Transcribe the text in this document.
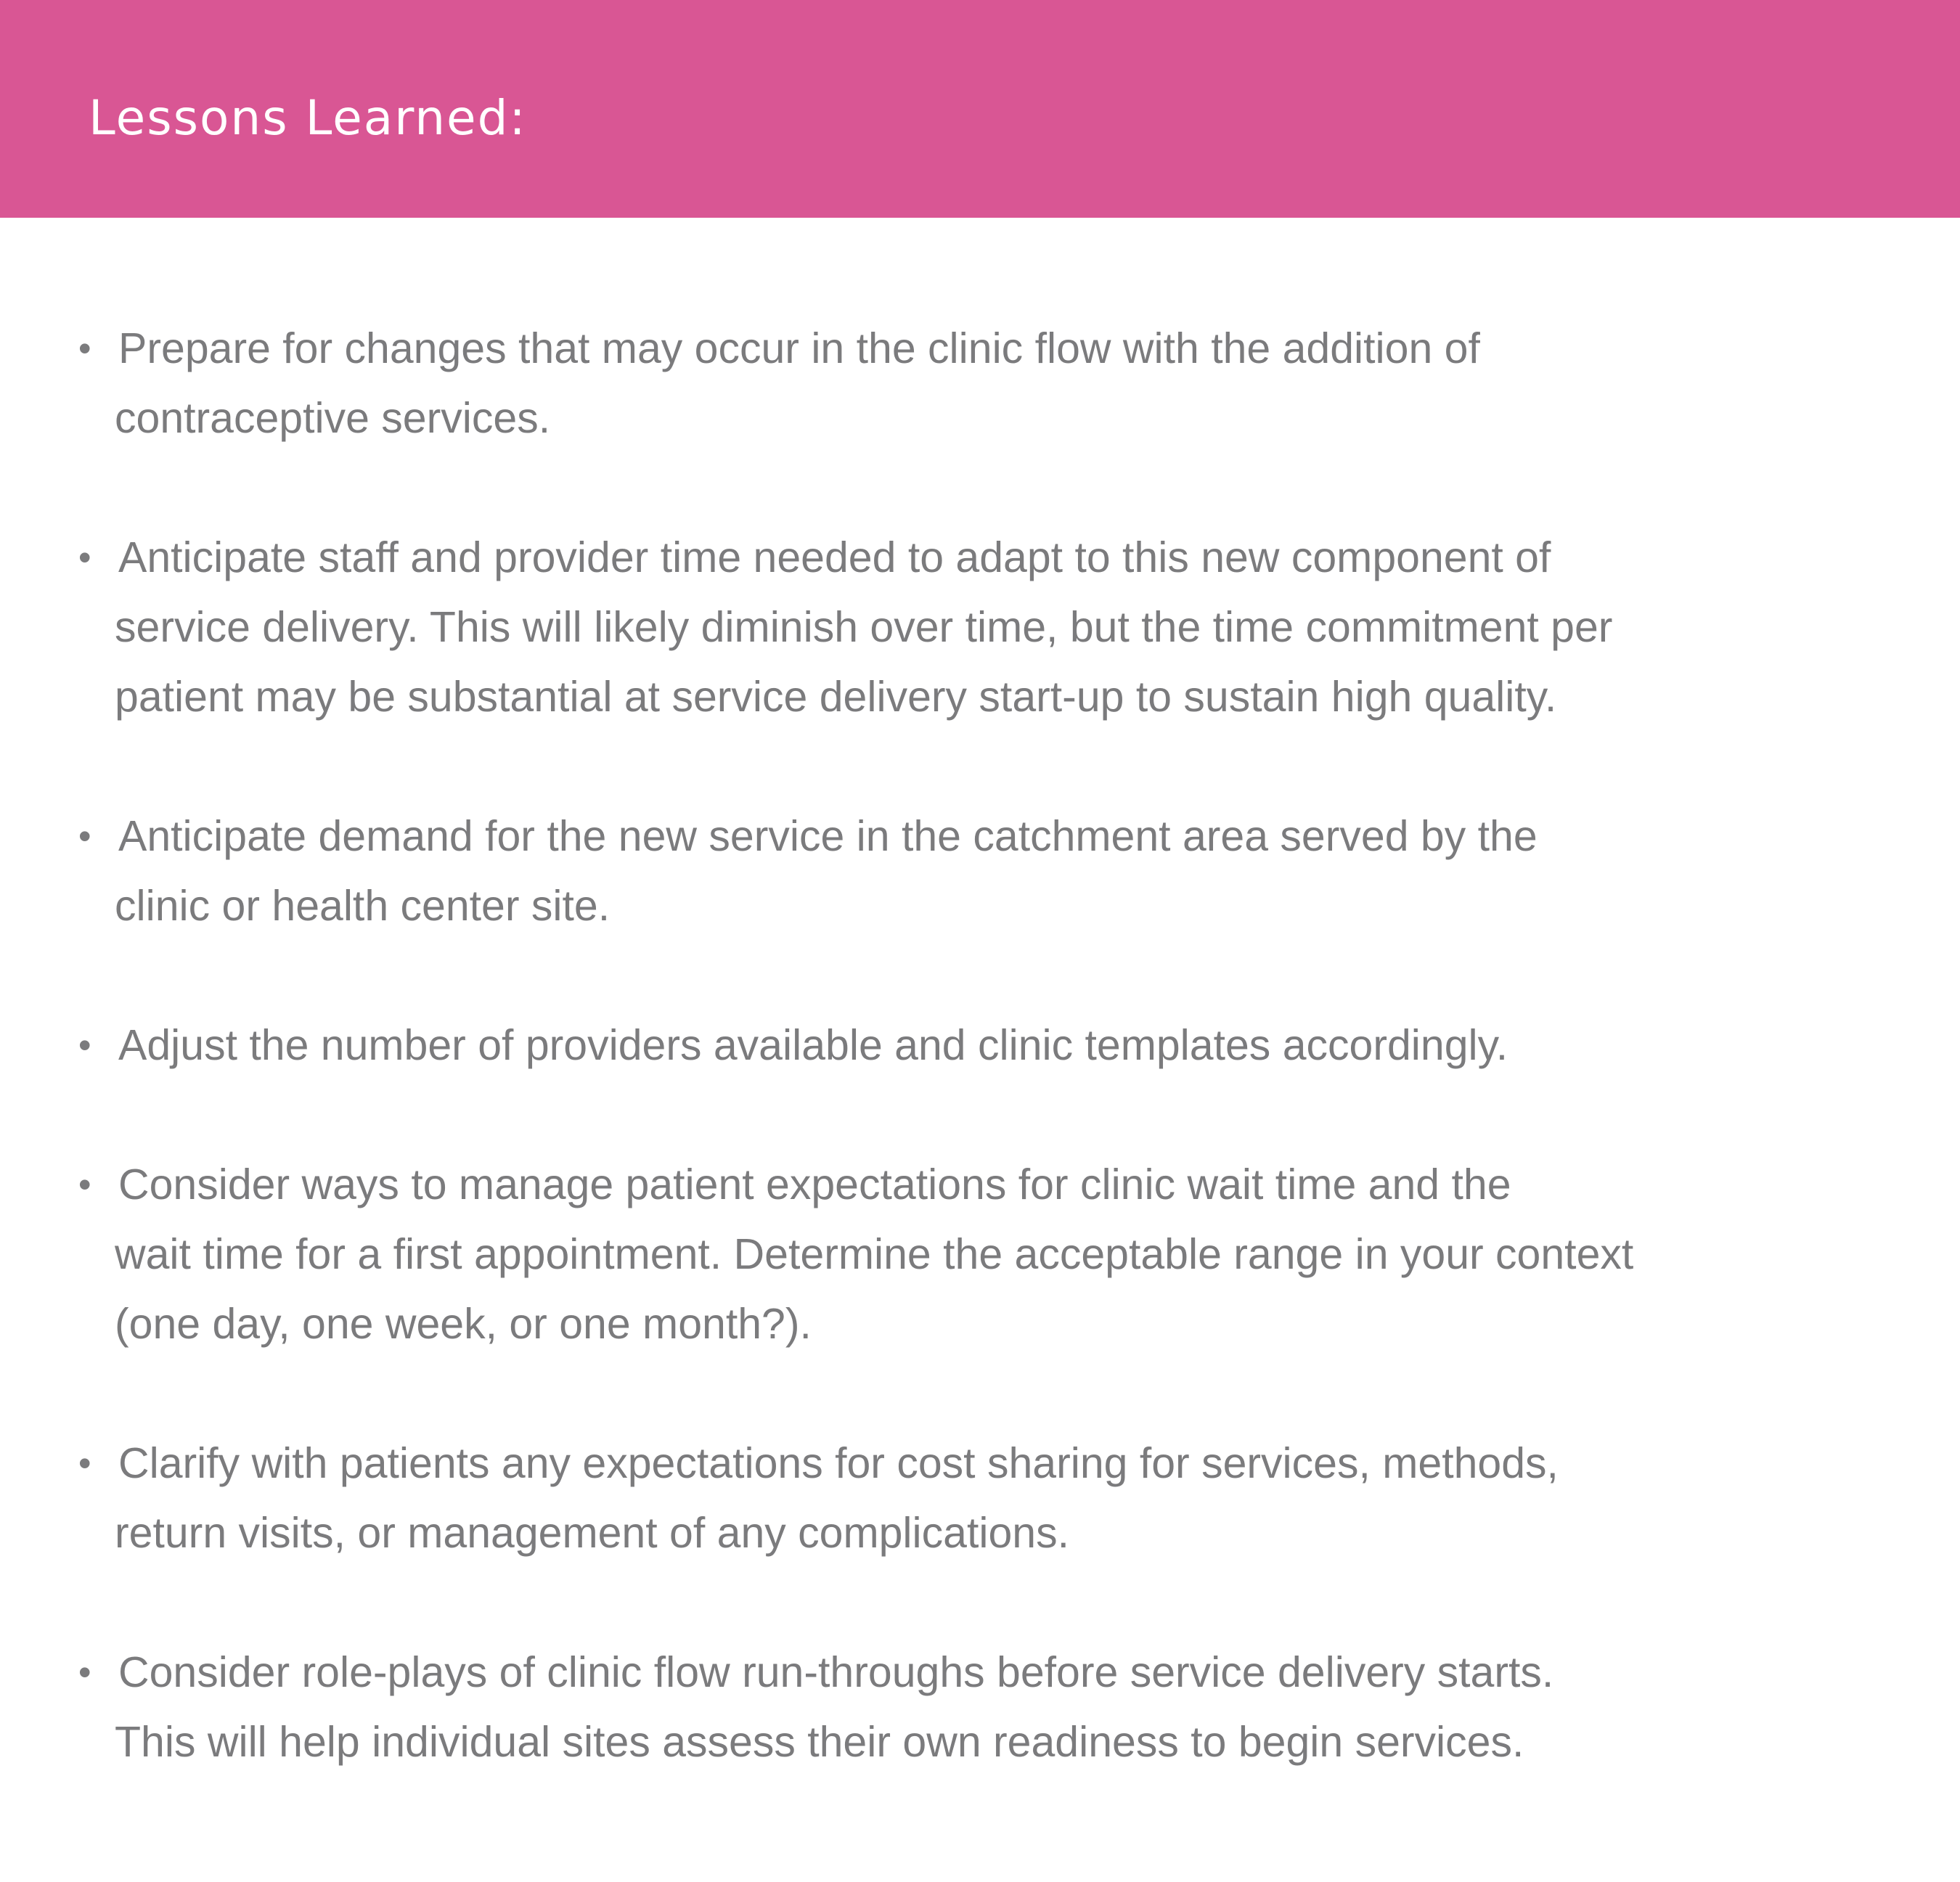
Lessons Learned:
• Prepare for changes that may occur in the clinic flow with the addition of
contraceptive services.
• Anticipate staff and provider time needed to adapt to this new component of
service delivery. This will likely diminish over time, but the time commitment per
patient may be substantial at service delivery start-up to sustain high quality.
• Anticipate demand for the new service in the catchment area served by the
clinic or health center site.
• Adjust the number of providers available and clinic templates accordingly.
• Consider ways to manage patient expectations for clinic wait time and the
wait time for a first appointment. Determine the acceptable range in your context
(one day, one week, or one month?).
• Clarify with patients any expectations for cost sharing for services, methods,
return visits, or management of any complications.
• Consider role-plays of clinic flow run-throughs before service delivery starts.
This will help individual sites assess their own readiness to begin services.
